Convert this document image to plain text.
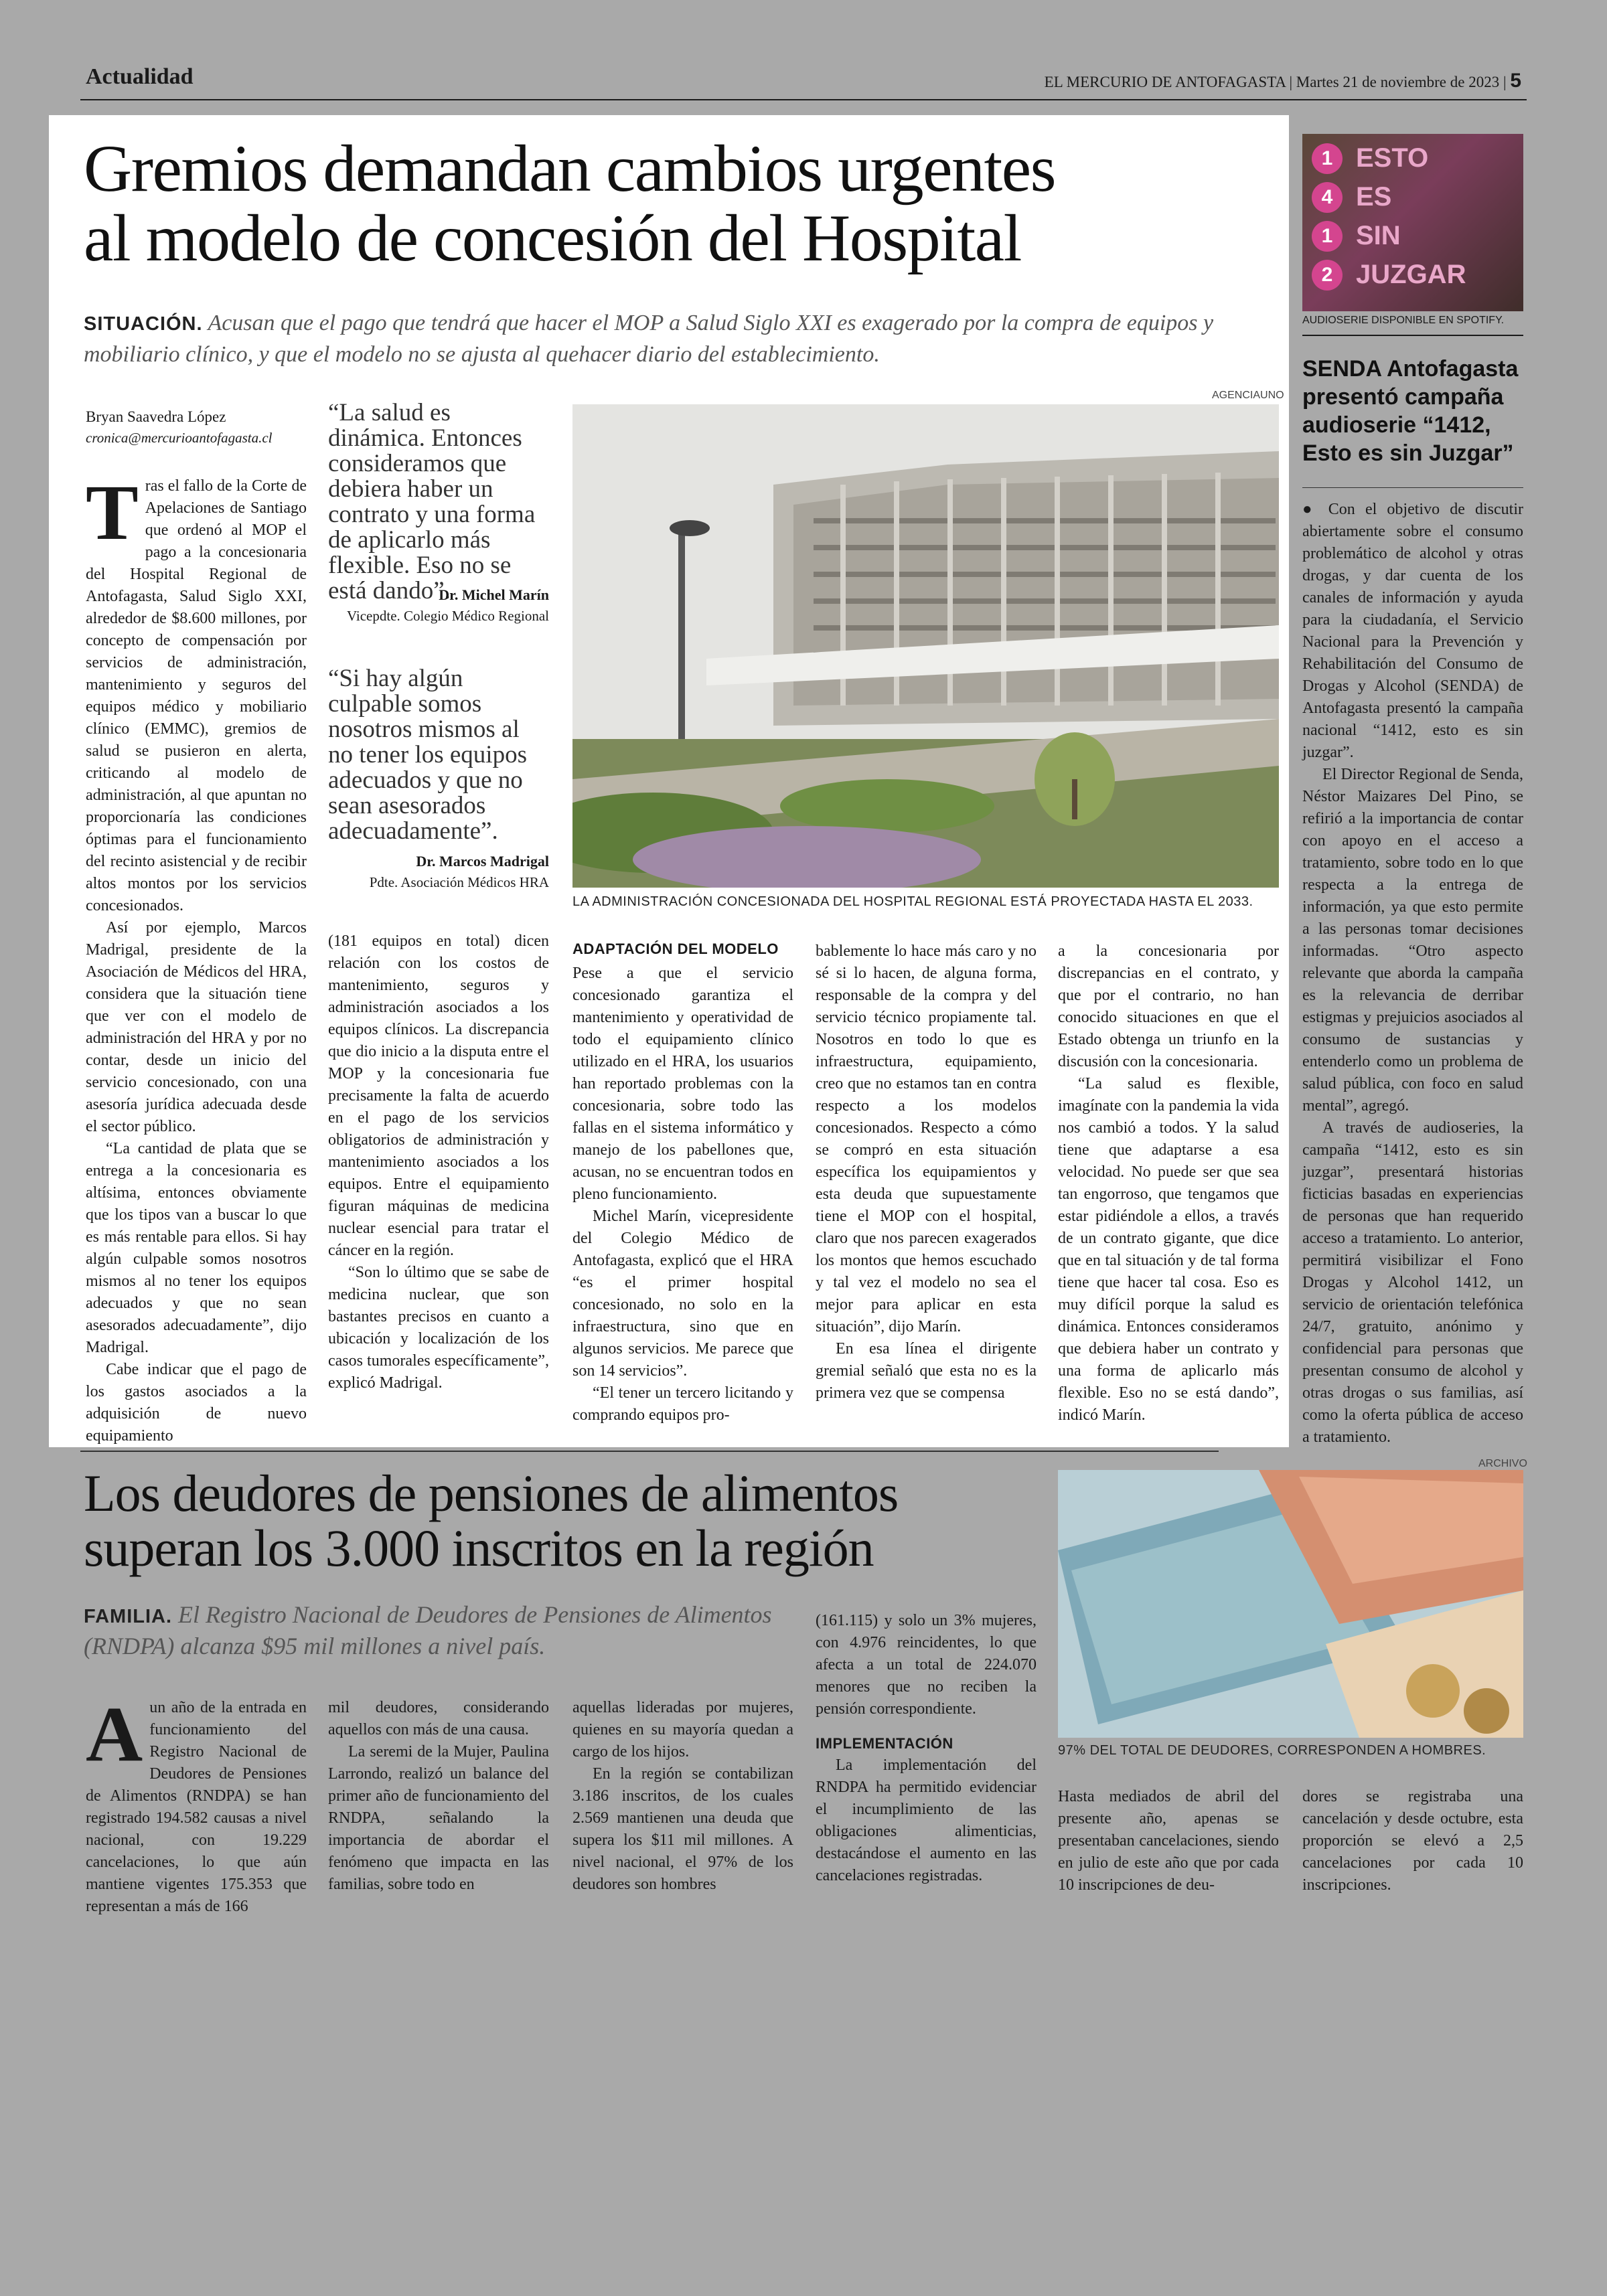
Actualidad	EL MERCURIO DE ANTOFAGASTA | Martes 21 de noviembre de 2023 | 5
Gremios demandan cambios urgentes
al modelo de concesión del Hospital
SITUACIÓN. Acusan que el pago que tendrá que hacer el MOP a Salud Siglo XXI es exagerado por la compra de equipos y mobiliario clínico, y que el modelo no se ajusta al quehacer diario del establecimiento.
Bryan Saavedra López
cronica@mercurioantofagasta.cl
T ras el fallo de la Corte de Apelaciones de Santiago que ordenó al MOP el pago a la concesionaria del Hospital Regional de Antofagasta, Salud Siglo XXI, alrededor de $8.600 millones, por concepto de compensación por servicios de administración, mantenimiento y seguros del equipos médico y mobiliario clínico (EMMC), gremios de salud se pusieron en alerta, criticando al modelo de administración, al que apuntan no proporcionaría las condiciones óptimas para el funcionamiento del recinto asistencial y de recibir altos montos por los servicios concesionados.

Así por ejemplo, Marcos Madrigal, presidente de la Asociación de Médicos del HRA, considera que la situación tiene que ver con el modelo de administración del HRA y por no contar, desde un inicio del servicio concesionado, con una asesoría jurídica adecuada desde el sector público.

“La cantidad de plata que se entrega a la concesionaria es altísima, entonces obviamente que los tipos van a buscar lo que es más rentable para ellos. Si hay algún culpable somos nosotros mismos al no tener los equipos adecuados y que no sean asesorados adecuadamente”, dijo Madrigal.

Cabe indicar que el pago de los gastos asociados a la adquisición de nuevo equipamiento

“La salud es dinámica. Entonces consideramos que debiera haber un contrato y una forma de aplicarlo más flexible. Eso no se está dando”.
Dr. Michel Marín
Vicepdte. Colegio Médico Regional
“Si hay algún culpable somos nosotros mismos al no tener los equipos adecuados y que no sean asesorados adecuadamente”.
Dr. Marcos Madrigal
Pdte. Asociación Médicos HRA
AGENCIAUNO
LA ADMINISTRACIÓN CONCESIONADA DEL HOSPITAL REGIONAL ESTÁ PROYECTADA HASTA EL 2033.

(181 equipos en total) dicen relación con los costos de mantenimiento, seguros y administración asociados a los equipos clínicos. La discrepancia que dio inicio a la disputa entre el MOP y la concesionaria fue precisamente la falta de acuerdo en el pago de los servicios obligatorios de administración y mantenimiento asociados a los equipos. Entre el equipamiento figuran máquinas de medicina nuclear esencial para tratar el cáncer en la región.

“Son lo último que se sabe de medicina nuclear, que son bastantes precisos en cuanto a ubicación y localización de los casos tumorales específicamente”, explicó Madrigal.

ADAPTACIÓN DEL MODELO

Pese a que el servicio concesionado garantiza el mantenimiento y operatividad de todo el equipamiento clínico utilizado en el HRA, los usuarios han reportado problemas con la concesionaria, sobre todo las fallas en el sistema informático y manejo de los pabellones que, acusan, no se encuentran todos en pleno funcionamiento.

Michel Marín, vicepresidente del Colegio Médico de Antofagasta, explicó que el HRA “es el primer hospital concesionado, no solo en la infraestructura, sino que en algunos servicios. Me parece que son 14 servicios”.

“El tener un tercero licitando y comprando equipos pro-

bablemente lo hace más caro y no sé si lo hacen, de alguna forma, responsable de la compra y del servicio técnico propiamente tal. Nosotros en todo lo que es infraestructura, equipamiento, creo que no estamos tan en contra respecto a los modelos concesionados. Respecto a cómo se compró en esta situación específica los equipamientos y esta deuda que supuestamente tiene el MOP con el hospital, claro que nos parecen exagerados los montos que hemos escuchado y tal vez el modelo no sea el mejor para aplicar en esta situación”, dijo Marín.

En esa línea el dirigente gremial señaló que esta no es la primera vez que se compensa

a la concesionaria por discrepancias en el contrato, y que por el contrario, no han conocido situaciones en que el Estado obtenga un triunfo en la discusión con la concesionaria.

“La salud es flexible, imagínate con la pandemia la vida nos cambió a todos. Y la salud tiene que adaptarse a esa velocidad. No puede ser que sea tan engorroso, que tengamos que estar pidiéndole a ellos, a través de un contrato gigante, que dice que en tal situación y de tal forma tiene que hacer tal cosa. Eso es muy difícil porque la salud es dinámica. Entonces consideramos que debiera haber un contrato y una forma de aplicarlo más flexible. Eso no se está dando”, indicó Marín.

1 ESTO
4 ES
1 SIN
2 JUZGAR
AUDIOSERIE DISPONIBLE EN SPOTIFY.
SENDA Antofagasta presentó campaña audioserie “1412, Esto es sin Juzgar”

● Con el objetivo de discutir abiertamente sobre el consumo problemático de alcohol y otras drogas, y dar cuenta de los canales de información y ayuda para la ciudadanía, el Servicio Nacional para la Prevención y Rehabilitación del Consumo de Drogas y Alcohol (SENDA) de Antofagasta presentó la campaña nacional “1412, esto es sin juzgar”.

El Director Regional de Senda, Néstor Maizares Del Pino, se refirió a la importancia de contar con apoyo en el acceso a tratamiento, sobre todo en lo que respecta a la entrega de información, ya que esto permite a las personas tomar decisiones informadas. “Otro aspecto relevante que aborda la campaña es la relevancia de derribar estigmas y prejuicios asociados al consumo de sustancias y entenderlo como un problema de salud pública, con foco en salud mental”, agregó.

A través de audioseries, la campaña “1412, esto es sin juzgar”, presentará historias ficticias basadas en experiencias de personas que han requerido acceso a tratamiento. Lo anterior, permitirá visibilizar el Fono Drogas y Alcohol 1412, un servicio de orientación telefónica 24/7, gratuito, anónimo y confidencial para personas que presentan consumo de alcohol y otras drogas o sus familias, así como la oferta pública de acceso a tratamiento.

Los deudores de pensiones de alimentos
superan los 3.000 inscritos en la región
FAMILIA. El Registro Nacional de Deudores de Pensiones de Alimentos (RNDPA) alcanza $95 mil millones a nivel país.
A un año de la entrada en funcionamiento del Registro Nacional de Deudores de Pensiones de Alimentos (RNDPA) se han registrado 194.582 causas a nivel nacional, con 19.229 cancelaciones, lo que aún mantiene vigentes 175.353 que representan a más de 166

mil deudores, considerando aquellos con más de una causa.

La seremi de la Mujer, Paulina Larrondo, realizó un balance del primer año de funcionamiento del RNDPA, señalando la importancia de abordar el fenómeno que impacta en las familias, sobre todo en

aquellas lideradas por mujeres, quienes en su mayoría quedan a cargo de los hijos.

En la región se contabilizan 3.186 inscritos, de los cuales 2.569 mantienen una deuda que supera los $11 mil millones. A nivel nacional, el 97% de los deudores son hombres

(161.115) y solo un 3% mujeres, con 4.976 reincidentes, lo que afecta a un total de 224.070 menores que no reciben la pensión correspondiente.

IMPLEMENTACIÓN

La implementación del RNDPA ha permitido evidenciar el incumplimiento de las obligaciones alimenticias, destacándose el aumento en las cancelaciones registradas.

ARCHIVO
97% DEL TOTAL DE DEUDORES, CORRESPONDEN A HOMBRES.

Hasta mediados de abril del presente año, apenas se presentaban cancelaciones, siendo en julio de este año que por cada 10 inscripciones de deu-

dores se registraba una cancelación y desde octubre, esta proporción se elevó a 2,5 cancelaciones por cada 10 inscripciones.
